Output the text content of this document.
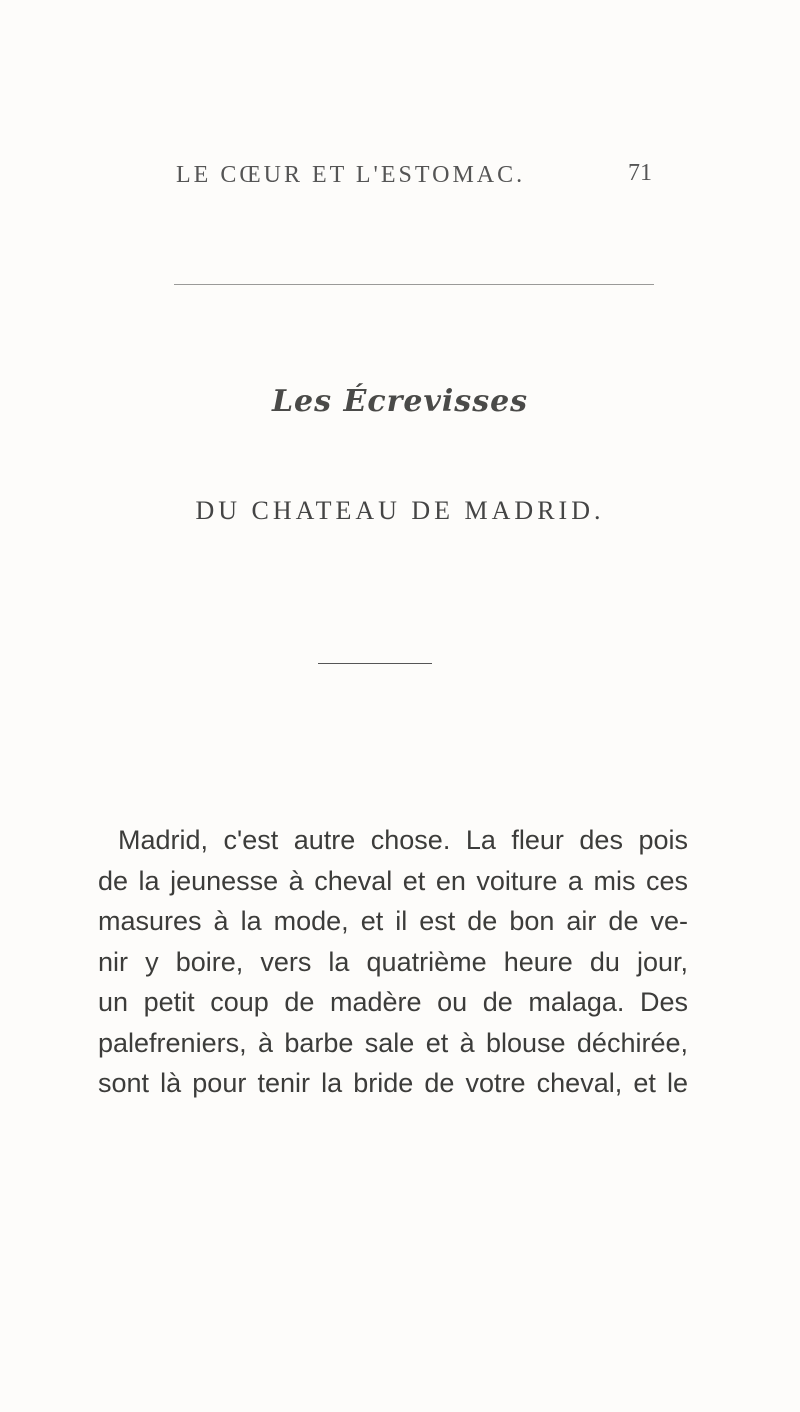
LE CŒUR ET L'ESTOMAC.	71
Les Écrevisses
DU CHATEAU DE MADRID.
Madrid, c'est autre chose. La fleur des pois
de la jeunesse à cheval et en voiture a mis ces
masures à la mode, et il est de bon air de ve-
nir y boire, vers la quatrième heure du jour,
un petit coup de madère ou de malaga. Des
palefreniers, à barbe sale et à blouse déchirée,
sont là pour tenir la bride de votre cheval, et le
